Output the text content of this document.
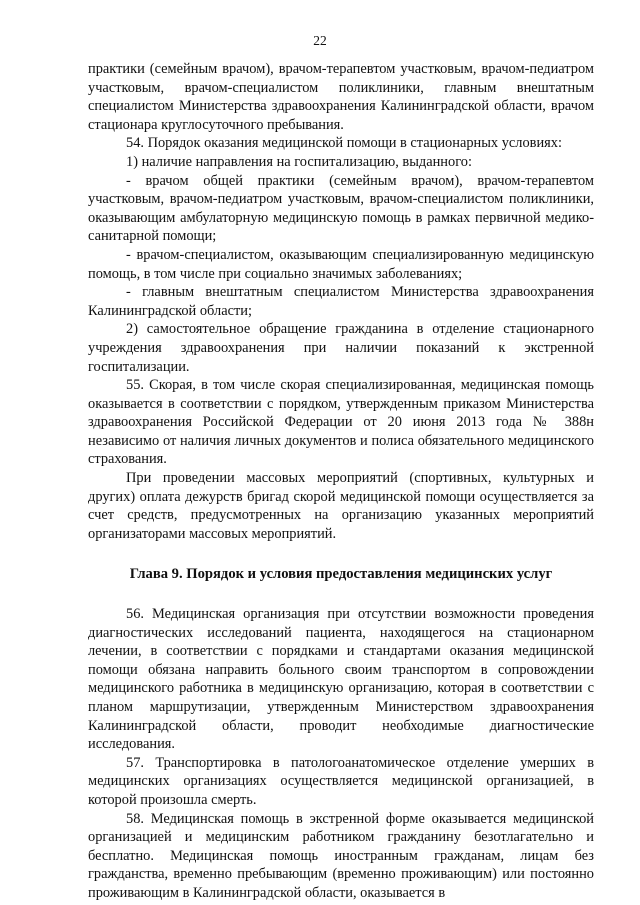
22

практики (семейным врачом), врачом-терапевтом участковым, врачом-педиатром участковым, врачом-специалистом поликлиники, главным внештатным специалистом Министерства здравоохранения Калининградской области, врачом стационара круглосуточного пребывания.

54. Порядок оказания медицинской помощи в стационарных условиях:

1) наличие направления на госпитализацию, выданного:

- врачом общей практики (семейным врачом), врачом-терапевтом участковым, врачом-педиатром участковым, врачом-специалистом поликлиники, оказывающим амбулаторную медицинскую помощь в рамках первичной медико-санитарной помощи;

- врачом-специалистом, оказывающим специализированную медицинскую помощь, в том числе при социально значимых заболеваниях;

- главным внештатным специалистом Министерства здравоохранения Калининградской области;

2) самостоятельное обращение гражданина в отделение стационарного учреждения здравоохранения при наличии показаний к экстренной госпитализации.

55. Скорая, в том числе скорая специализированная, медицинская помощь оказывается в соответствии с порядком, утвержденным приказом Министерства здравоохранения Российской Федерации от 20 июня 2013 года № 388н независимо от наличия личных документов и полиса обязательного медицинского страхования.

При проведении массовых мероприятий (спортивных, культурных и других) оплата дежурств бригад скорой медицинской помощи осуществляется за счет средств, предусмотренных на организацию указанных мероприятий организаторами массовых мероприятий.

Глава 9. Порядок и условия предоставления медицинских услуг

56. Медицинская организация при отсутствии возможности проведения диагностических исследований пациента, находящегося на стационарном лечении, в соответствии с порядками и стандартами оказания медицинской помощи обязана направить больного своим транспортом в сопровождении медицинского работника в медицинскую организацию, которая в соответствии с планом маршрутизации, утвержденным Министерством здравоохранения Калининградской области, проводит необходимые диагностические исследования.

57. Транспортировка в патологоанатомическое отделение умерших в медицинских организациях осуществляется медицинской организацией, в которой произошла смерть.

58. Медицинская помощь в экстренной форме оказывается медицинской организацией и медицинским работником гражданину безотлагательно и бесплатно. Медицинская помощь иностранным гражданам, лицам без гражданства, временно пребывающим (временно проживающим) или постоянно проживающим в Калининградской области, оказывается в
